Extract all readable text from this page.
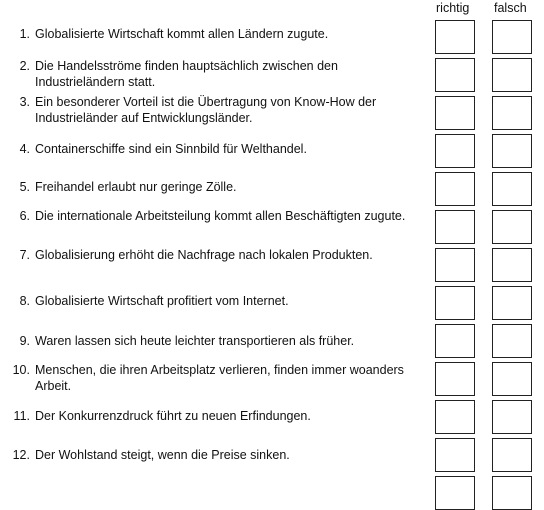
richtig falsch
1. Globalisierte Wirtschaft kommt allen Ländern zugute.
2. Die Handelsströme finden hauptsächlich zwischen den Industrieländern statt.
3. Ein besonderer Vorteil ist die Übertragung von Know-How der Industrieländer auf Entwicklungsländer.
4. Containerschiffe sind ein Sinnbild für Welthandel.
5. Freihandel erlaubt nur geringe Zölle.
6. Die internationale Arbeitsteilung kommt allen Beschäftigten zugute.
7. Globalisierung erhöht die Nachfrage nach lokalen Produkten.
8. Globalisierte Wirtschaft profitiert vom Internet.
9. Waren lassen sich heute leichter transportieren als früher.
10. Menschen, die ihren Arbeitsplatz verlieren, finden immer woanders Arbeit.
11. Der Konkurrenzdruck führt zu neuen Erfindungen.
12. Der Wohlstand steigt, wenn die Preise sinken.
